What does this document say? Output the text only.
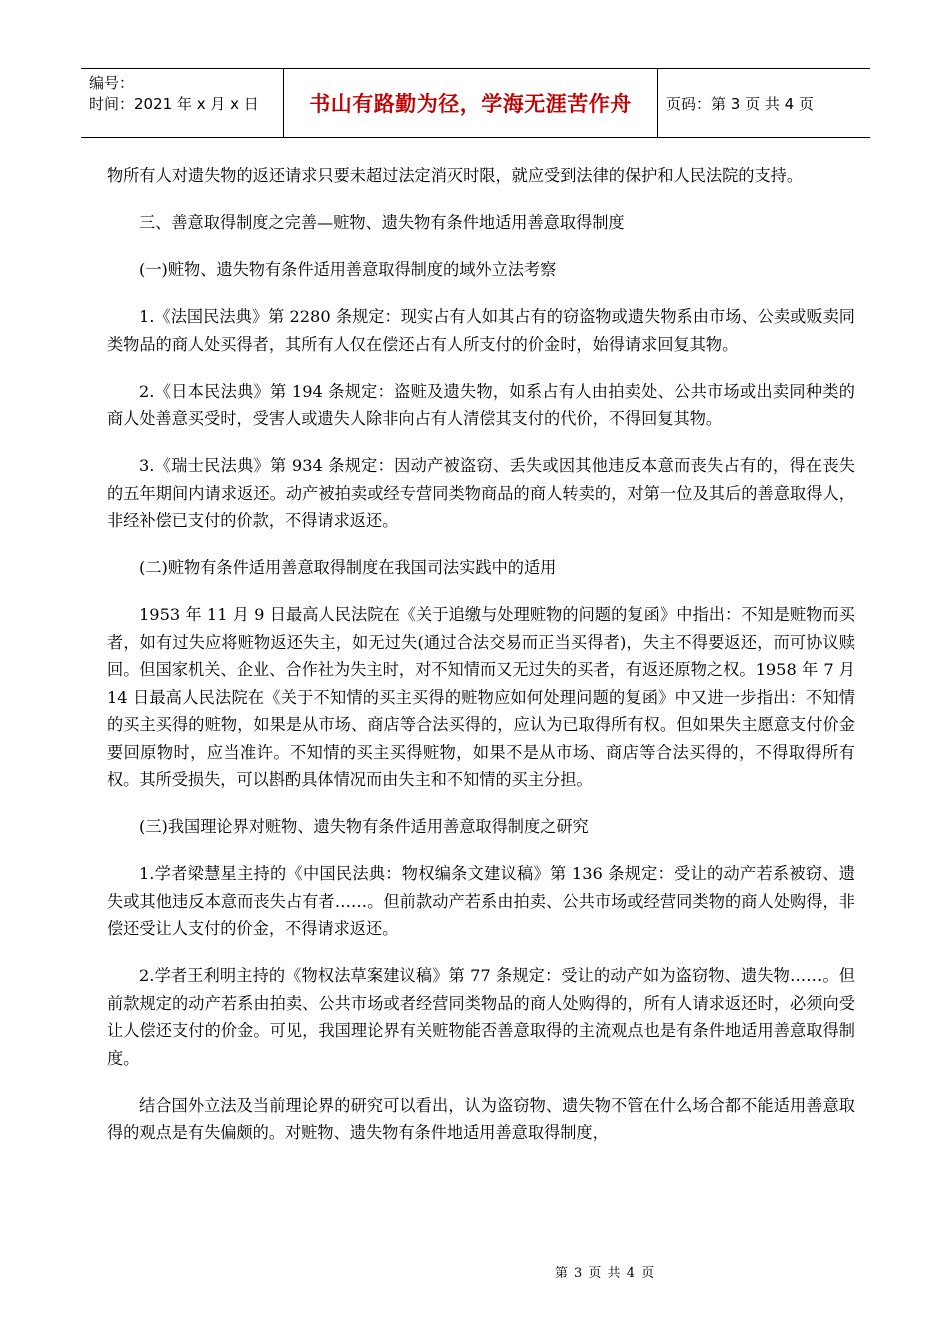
编号：
时间：2021 年 x 月 x 日	书山有路勤为径，学海无涯苦作舟	页码：第 3 页 共 4 页

物所有人对遗失物的返还请求只要未超过法定消灭时限，就应受到法律的保护和人民法院的支持。

三、善意取得制度之完善—赃物、遗失物有条件地适用善意取得制度

(一)赃物、遗失物有条件适用善意取得制度的域外立法考察

1.《法国民法典》第 2280 条规定：现实占有人如其占有的窃盗物或遗失物系由市场、公卖或贩卖同类物品的商人处买得者，其所有人仅在偿还占有人所支付的价金时，始得请求回复其物。

2.《日本民法典》第 194 条规定：盗赃及遗失物，如系占有人由拍卖处、公共市场或出卖同种类的商人处善意买受时，受害人或遗失人除非向占有人清偿其支付的代价，不得回复其物。

3.《瑞士民法典》第 934 条规定：因动产被盗窃、丢失或因其他违反本意而丧失占有的，得在丧失的五年期间内请求返还。动产被拍卖或经专营同类物商品的商人转卖的，对第一位及其后的善意取得人，非经补偿已支付的价款，不得请求返还。

(二)赃物有条件适用善意取得制度在我国司法实践中的适用

1953 年 11 月 9 日最高人民法院在《关于追缴与处理赃物的问题的复函》中指出：不知是赃物而买者，如有过失应将赃物返还失主，如无过失(通过合法交易而正当买得者)，失主不得要返还，而可协议赎回。但国家机关、企业、合作社为失主时，对不知情而又无过失的买者，有返还原物之权。1958 年 7 月 14 日最高人民法院在《关于不知情的买主买得的赃物应如何处理问题的复函》中又进一步指出：不知情的买主买得的赃物，如果是从市场、商店等合法买得的，应认为已取得所有权。但如果失主愿意支付价金要回原物时，应当准许。不知情的买主买得赃物，如果不是从市场、商店等合法买得的，不得取得所有权。其所受损失，可以斟酌具体情况而由失主和不知情的买主分担。

(三)我国理论界对赃物、遗失物有条件适用善意取得制度之研究

1.学者梁慧星主持的《中国民法典：物权编条文建议稿》第 136 条规定：受让的动产若系被窃、遗失或其他违反本意而丧失占有者……。但前款动产若系由拍卖、公共市场或经营同类物的商人处购得，非偿还受让人支付的价金，不得请求返还。

2.学者王利明主持的《物权法草案建议稿》第 77 条规定：受让的动产如为盗窃物、遗失物……。但前款规定的动产若系由拍卖、公共市场或者经营同类物品的商人处购得的，所有人请求返还时，必须向受让人偿还支付的价金。可见，我国理论界有关赃物能否善意取得的主流观点也是有条件地适用善意取得制度。

结合国外立法及当前理论界的研究可以看出，认为盗窃物、遗失物不管在什么场合都不能适用善意取得的观点是有失偏颇的。对赃物、遗失物有条件地适用善意取得制度，

第 3 页 共 4 页
